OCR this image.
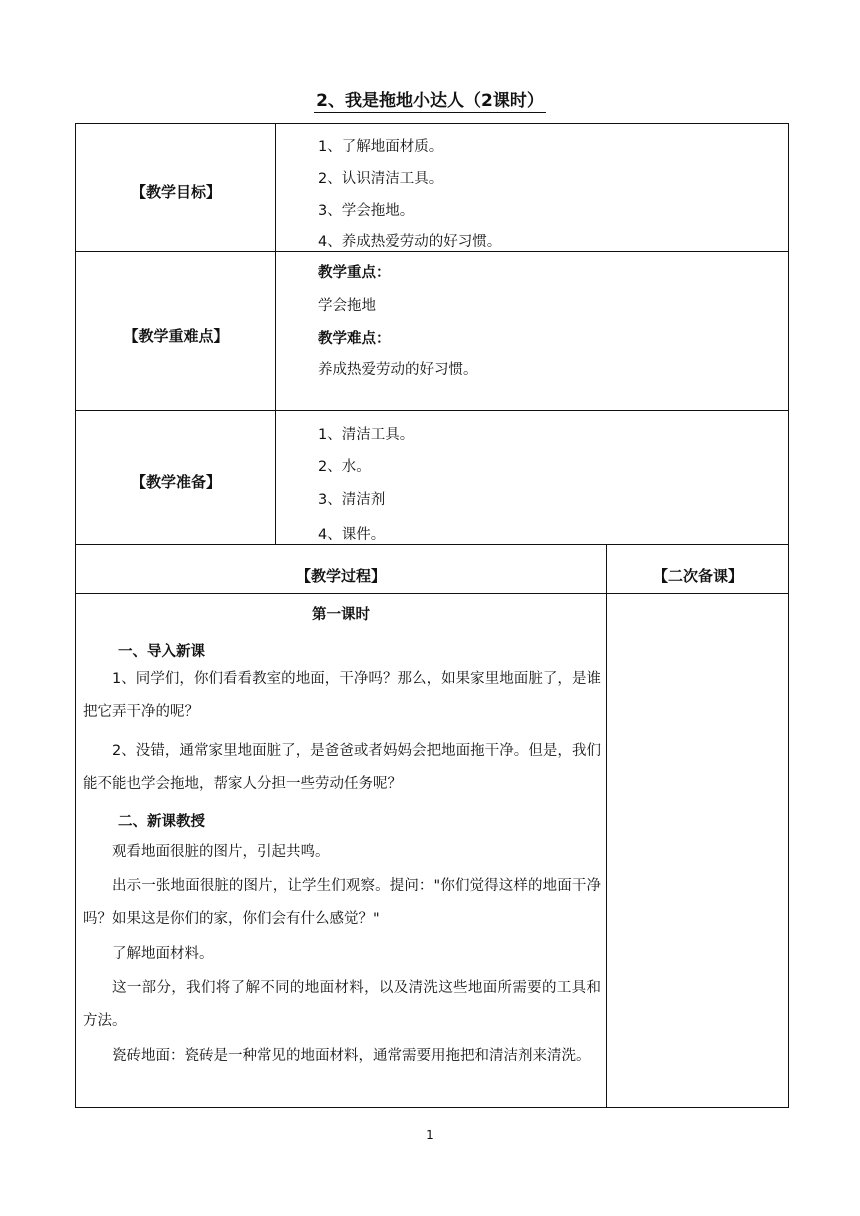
2、我是拖地小达人（2课时）
【教学目标】
1、了解地面材质。
2、认识清洁工具。
3、学会拖地。
4、养成热爱劳动的好习惯。
【教学重难点】
教学重点：
学会拖地
教学难点：
养成热爱劳动的好习惯。
【教学准备】
1、清洁工具。
2、水。
3、清洁剂
4、课件。
【教学过程】	【二次备课】
第一课时
一、导入新课
1、同学们，你们看看教室的地面，干净吗？那么，如果家里地面脏了，是谁把它弄干净的呢？
2、没错，通常家里地面脏了，是爸爸或者妈妈会把地面拖干净。但是，我们能不能也学会拖地，帮家人分担一些劳动任务呢？
二、新课教授
观看地面很脏的图片，引起共鸣。
出示一张地面很脏的图片，让学生们观察。提问："你们觉得这样的地面干净吗？如果这是你们的家，你们会有什么感觉？"
了解地面材料。
这一部分，我们将了解不同的地面材料，以及清洗这些地面所需要的工具和方法。
瓷砖地面：瓷砖是一种常见的地面材料，通常需要用拖把和清洁剂来清洗。
1
